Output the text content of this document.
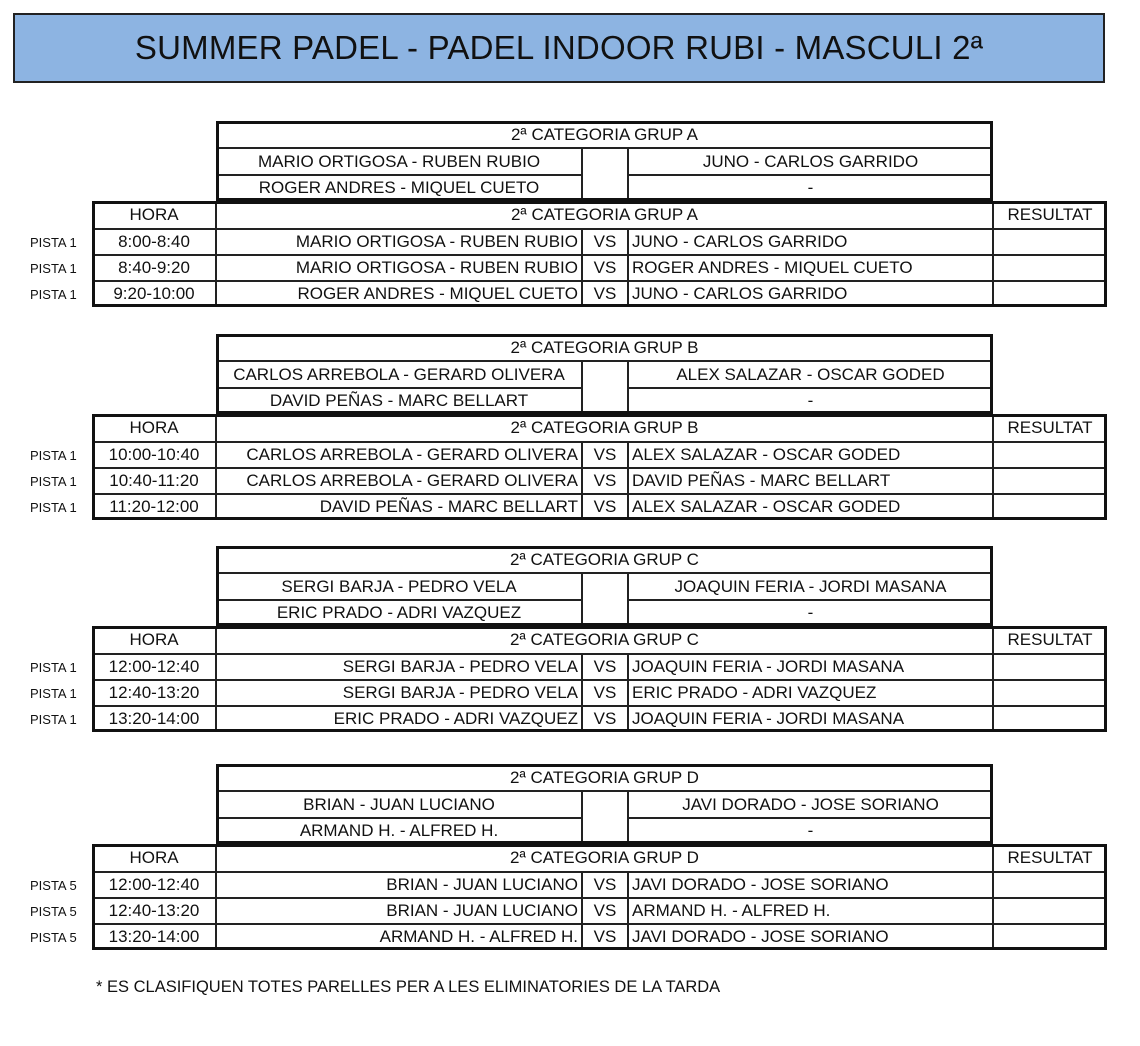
SUMMER PADEL - PADEL INDOOR RUBI - MASCULI 2ª
2ª CATEGORIA GRUP A
MARIO ORTIGOSA - RUBEN RUBIO	JUNO - CARLOS GARRIDO
ROGER ANDRES - MIQUEL CUETO	-
HORA	2ª CATEGORIA GRUP A	RESULTAT
PISTA 1	8:00-8:40	MARIO ORTIGOSA - RUBEN RUBIO VS JUNO - CARLOS GARRIDO
PISTA 1	8:40-9:20	MARIO ORTIGOSA - RUBEN RUBIO VS ROGER ANDRES - MIQUEL CUETO
PISTA 1	9:20-10:00	ROGER ANDRES - MIQUEL CUETO VS JUNO - CARLOS GARRIDO
2ª CATEGORIA GRUP B
CARLOS ARREBOLA - GERARD OLIVERA	ALEX SALAZAR - OSCAR GODED
DAVID PEÑAS - MARC BELLART	-
HORA	2ª CATEGORIA GRUP B	RESULTAT
PISTA 1	10:00-10:40	CARLOS ARREBOLA - GERARD OLIVERA VS ALEX SALAZAR - OSCAR GODED
PISTA 1	10:40-11:20	CARLOS ARREBOLA - GERARD OLIVERA VS DAVID PEÑAS - MARC BELLART
PISTA 1	11:20-12:00	DAVID PEÑAS - MARC BELLART VS ALEX SALAZAR - OSCAR GODED
2ª CATEGORIA GRUP C
SERGI BARJA - PEDRO VELA	JOAQUIN FERIA - JORDI MASANA
ERIC PRADO - ADRI VAZQUEZ	-
HORA	2ª CATEGORIA GRUP C	RESULTAT
PISTA 1	12:00-12:40	SERGI BARJA - PEDRO VELA VS JOAQUIN FERIA - JORDI MASANA
PISTA 1	12:40-13:20	SERGI BARJA - PEDRO VELA VS ERIC PRADO - ADRI VAZQUEZ
PISTA 1	13:20-14:00	ERIC PRADO - ADRI VAZQUEZ VS JOAQUIN FERIA - JORDI MASANA
2ª CATEGORIA GRUP D
BRIAN - JUAN LUCIANO	JAVI DORADO - JOSE SORIANO
ARMAND H. - ALFRED H.	-
HORA	2ª CATEGORIA GRUP D	RESULTAT
PISTA 5	12:00-12:40	BRIAN - JUAN LUCIANO VS JAVI DORADO - JOSE SORIANO
PISTA 5	12:40-13:20	BRIAN - JUAN LUCIANO VS ARMAND H. - ALFRED H.
PISTA 5	13:20-14:00	ARMAND H. - ALFRED H. VS JAVI DORADO - JOSE SORIANO
* ES CLASIFIQUEN TOTES PARELLES PER A LES ELIMINATORIES DE LA TARDA
